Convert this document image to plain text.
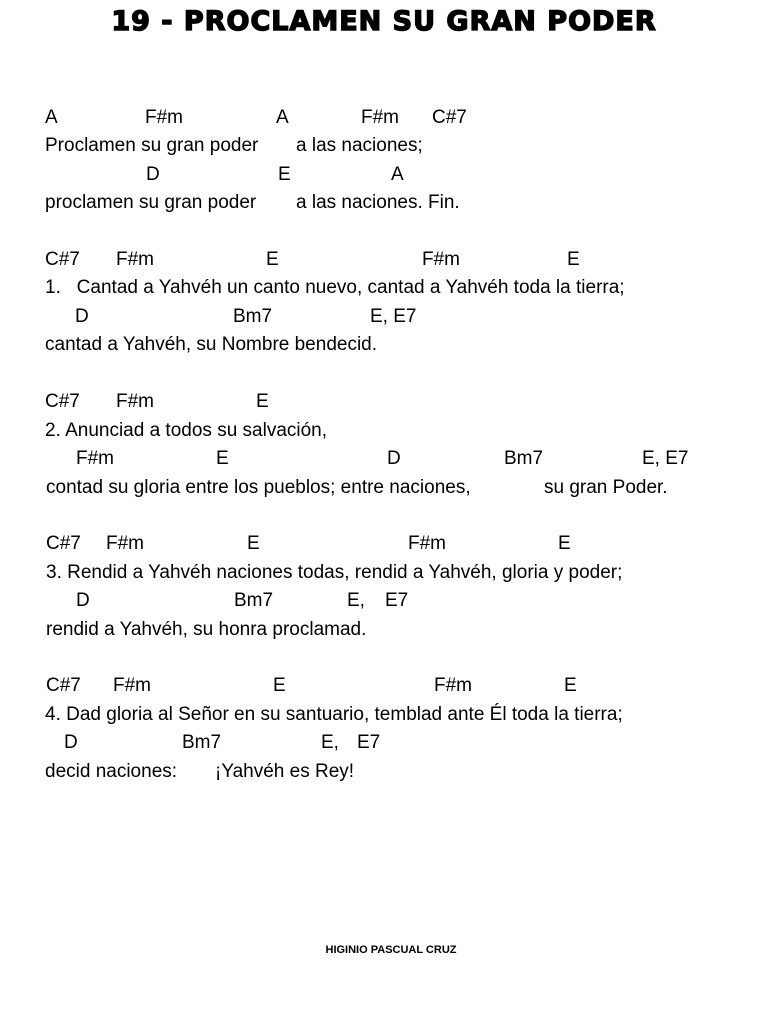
19 - PROCLAMEN SU GRAN PODER

A

	F#m

	A

	F#m

C#7

Proclamen su gran poder

a las naciones;

D

	E

	A

proclamen su gran poder

a las naciones. Fin.

C#7

F#m

	E

	F#m

	E

1.   Cantad a Yahvéh un canto nuevo, cantad a Yahvéh toda la tierra;

D

	Bm7

	E, E7

cantad a Yahvéh, su Nombre bendecid.

C#7

F#m

	E

2. Anunciad a todos su salvación,

F#m

	E

	D

	Bm7

	E, E7

contad su gloria entre los pueblos; entre naciones,

	su gran Poder.

C#7

F#m

	E

	F#m

	E

3. Rendid a Yahvéh naciones todas, rendid a Yahvéh, gloria y poder;

D

	Bm7

	E,

E7

rendid a Yahvéh, su honra proclamad.

C#7

F#m

	E

	F#m

	E

4. Dad gloria al Señor en su santuario, temblad ante Él toda la tierra;

D

	Bm7

	E,

E7

decid naciones:

¡Yahvéh es Rey!

HIGINIO PASCUAL CRUZ
